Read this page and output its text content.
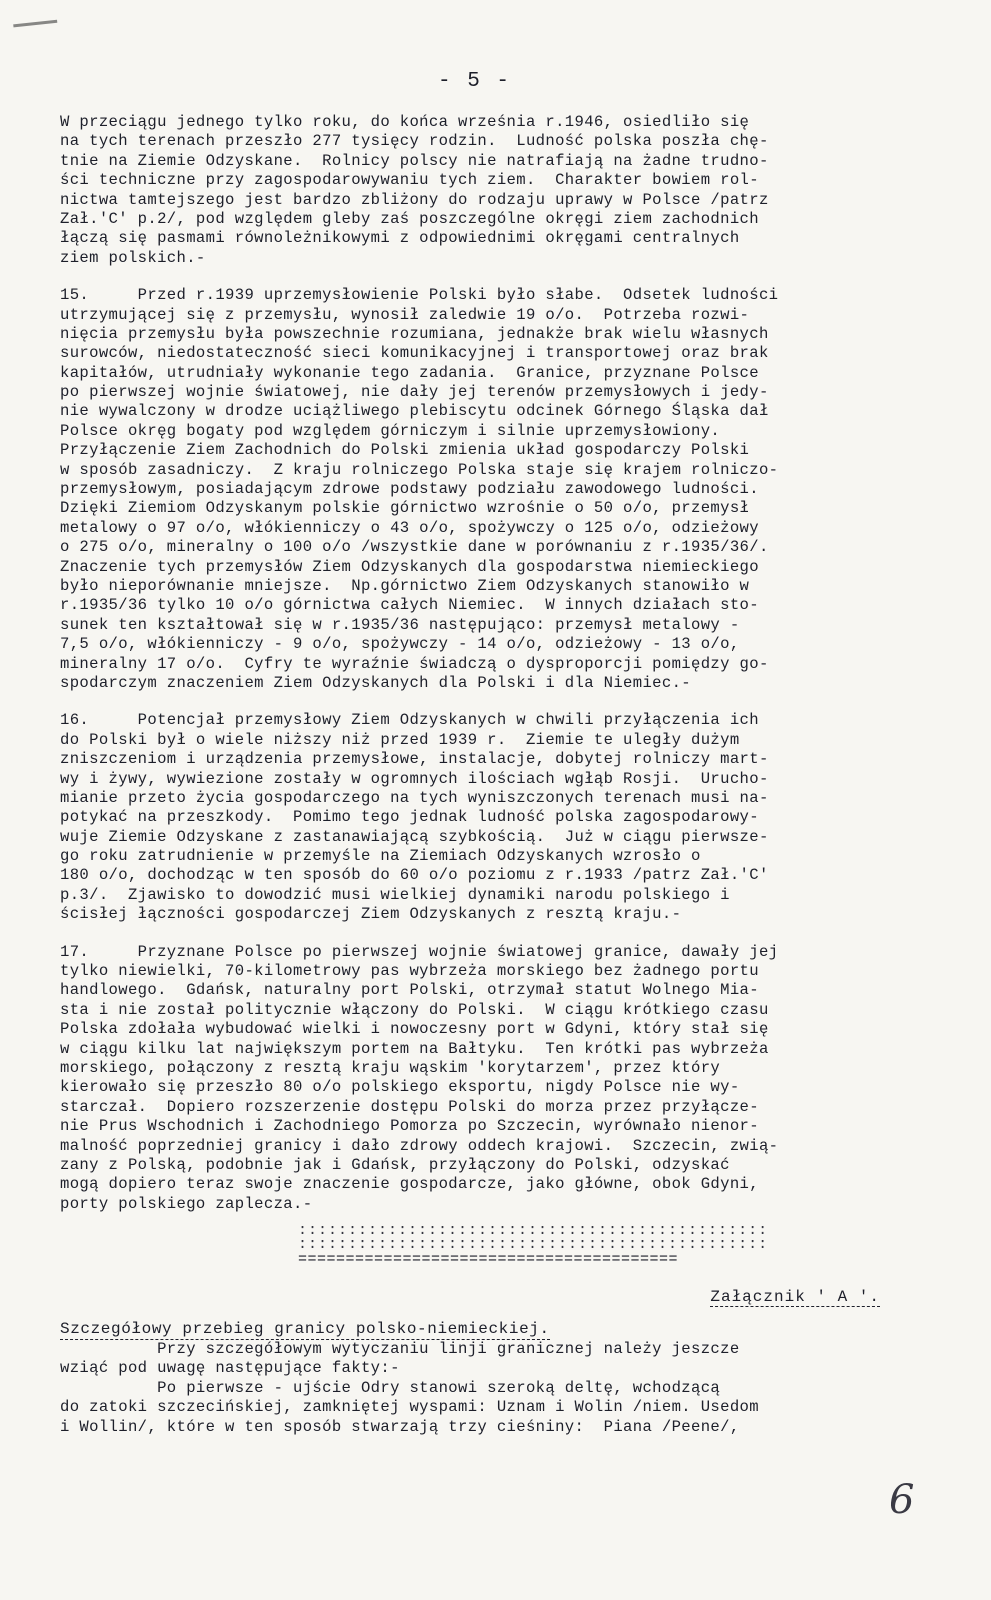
- 5 -
W przeciągu jednego tylko roku, do końca września r.1946, osiedliło się
na tych terenach przeszło 277 tysięcy rodzin.  Ludność polska poszła chę-
tnie na Ziemie Odzyskane.  Rolnicy polscy nie natrafiają na żadne trudno-
ści techniczne przy zagospodarowywaniu tych ziem.  Charakter bowiem rol-
nictwa tamtejszego jest bardzo zbliżony do rodzaju uprawy w Polsce /patrz
Zał.'C' p.2/, pod względem gleby zaś poszczególne okręgi ziem zachodnich
łączą się pasmami równoleżnikowymi z odpowiednimi okręgami centralnych
ziem polskich.-
15.     Przed r.1939 uprzemysłowienie Polski było słabe.  Odsetek ludności
utrzymującej się z przemysłu, wynosił zaledwie 19 o/o.  Potrzeba rozwi-
nięcia przemysłu była powszechnie rozumiana, jednakże brak wielu własnych
surowców, niedostateczność sieci komunikacyjnej i transportowej oraz brak
kapitałów, utrudniały wykonanie tego zadania.  Granice, przyznane Polsce
po pierwszej wojnie światowej, nie dały jej terenów przemysłowych i jedy-
nie wywalczony w drodze uciążliwego plebiscytu odcinek Górnego Śląska dał
Polsce okręg bogaty pod względem górniczym i silnie uprzemysłowiony.
Przyłączenie Ziem Zachodnich do Polski zmienia układ gospodarczy Polski
w sposób zasadniczy.  Z kraju rolniczego Polska staje się krajem rolniczo-
przemysłowym, posiadającym zdrowe podstawy podziału zawodowego ludności.
Dzięki Ziemiom Odzyskanym polskie górnictwo wzrośnie o 50 o/o, przemysł
metalowy o 97 o/o, włókienniczy o 43 o/o, spożywczy o 125 o/o, odzieżowy
o 275 o/o, mineralny o 100 o/o /wszystkie dane w porównaniu z r.1935/36/.
Znaczenie tych przemysłów Ziem Odzyskanych dla gospodarstwa niemieckiego
było nieporównanie mniejsze.  Np.górnictwo Ziem Odzyskanych stanowiło w
r.1935/36 tylko 10 o/o górnictwa całych Niemiec.  W innych działach sto-
sunek ten kształtował się w r.1935/36 następująco: przemysł metalowy -
7,5 o/o, włókienniczy - 9 o/o, spożywczy - 14 o/o, odzieżowy - 13 o/o,
mineralny 17 o/o.  Cyfry te wyraźnie świadczą o dysproporcji pomiędzy go-
spodarczym znaczeniem Ziem Odzyskanych dla Polski i dla Niemiec.-
16.     Potencjał przemysłowy Ziem Odzyskanych w chwili przyłączenia ich
do Polski był o wiele niższy niż przed 1939 r.  Ziemie te uległy dużym
zniszczeniom i urządzenia przemysłowe, instalacje, dobytej rolniczy mart-
wy i żywy, wywiezione zostały w ogromnych ilościach wgłąb Rosji.  Urucho-
mianie przeto życia gospodarczego na tych wyniszczonych terenach musi na-
potykać na przeszkody.  Pomimo tego jednak ludność polska zagospodarowy-
wuje Ziemie Odzyskane z zastanawiającą szybkością.  Już w ciągu pierwsze-
go roku zatrudnienie w przemyśle na Ziemiach Odzyskanych wzrosło o
180 o/o, dochodząc w ten sposób do 60 o/o poziomu z r.1933 /patrz Zał.'C'
p.3/.  Zjawisko to dowodzić musi wielkiej dynamiki narodu polskiego i
ścisłej łączności gospodarczej Ziem Odzyskanych z resztą kraju.-
17.     Przyznane Polsce po pierwszej wojnie światowej granice, dawały jej
tylko niewielki, 70-kilometrowy pas wybrzeża morskiego bez żadnego portu
handlowego.  Gdańsk, naturalny port Polski, otrzymał statut Wolnego Mia-
sta i nie został politycznie włączony do Polski.  W ciągu krótkiego czasu
Polska zdołała wybudować wielki i nowoczesny port w Gdyni, który stał się
w ciągu kilku lat największym portem na Bałtyku.  Ten krótki pas wybrzeża
morskiego, połączony z resztą kraju wąskim 'korytarzem', przez który
kierowało się przeszło 80 o/o polskiego eksportu, nigdy Polsce nie wy-
starczał.  Dopiero rozszerzenie dostępu Polski do morza przez przyłącze-
nie Prus Wschodnich i Zachodniego Pomorza po Szczecin, wyrównało nienor-
malność poprzedniej granicy i dało zdrowy oddech krajowi.  Szczecin, zwią-
zany z Polską, podobnie jak i Gdańsk, przyłączony do Polski, odzyskać
mogą dopiero teraz swoje znaczenie gospodarcze, jako główne, obok Gdyni,
porty polskiego zaplecza.-
:::::::::::::::::::::::::::::::::::::::::::::::
:::::::::::::::::::::::::::::::::::::::::::::::
========================================
Załącznik ' A '.
Szczegółowy przebieg granicy polsko-niemieckiej.
Przy szczegółowym wytyczaniu linji granicznej należy jeszcze
wziąć pod uwagę następujące fakty:-
Po pierwsze - ujście Odry stanowi szeroką deltę, wchodzącą
do zatoki szczecińskiej, zamkniętej wyspami: Uznam i Wolin /niem. Usedom
i Wollin/, które w ten sposób stwarzają trzy cieśniny:  Piana /Peene/,
6
